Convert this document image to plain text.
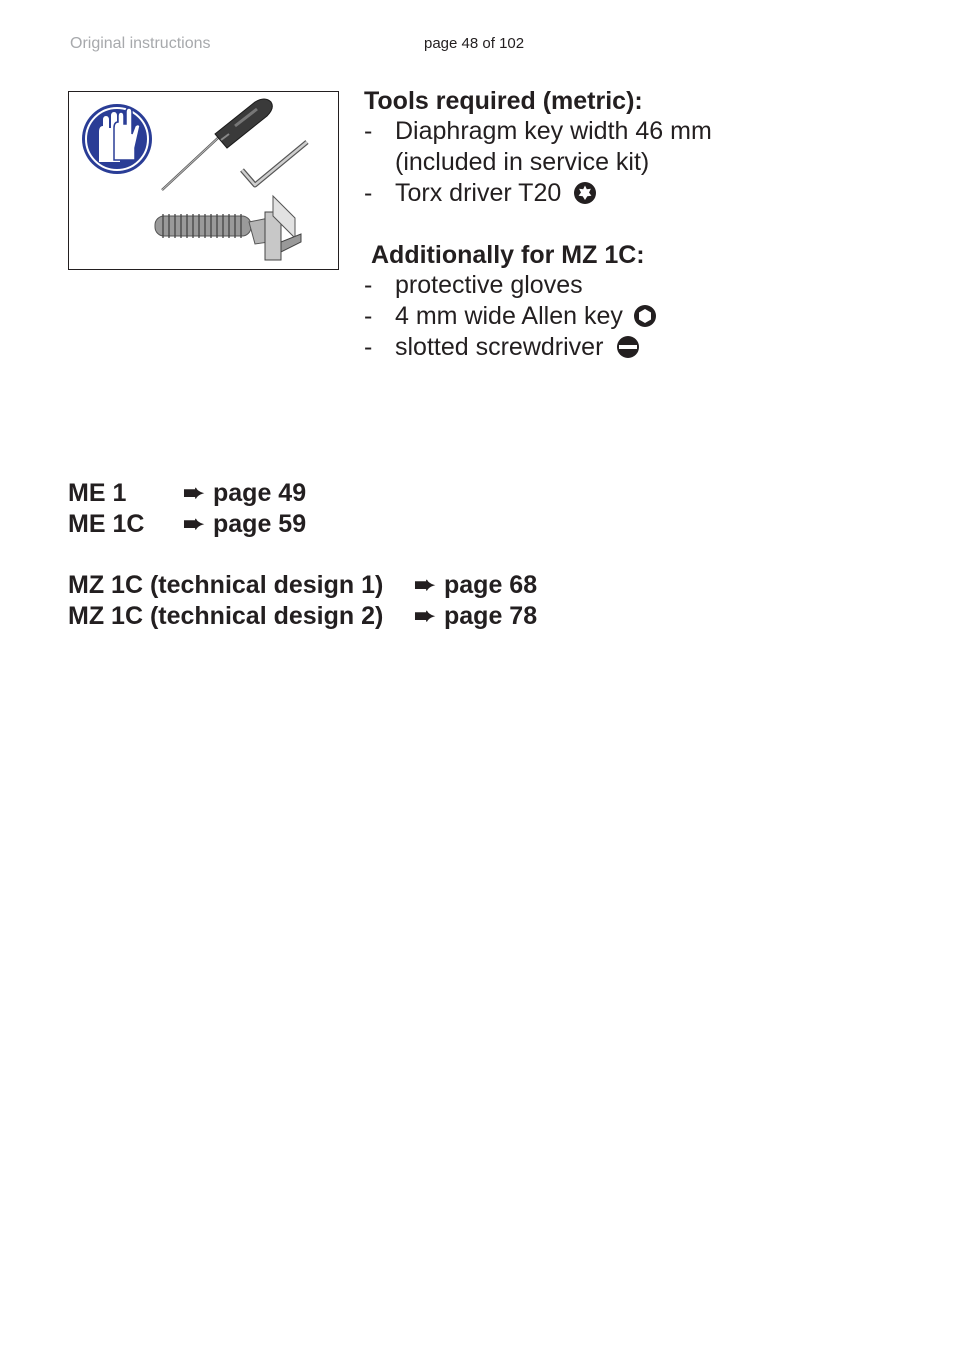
Original instructions	page 48 of 102
Tools required (metric):
- Diaphragm key width 46 mm
(included in service kit)
- Torx driver T20
Additionally for MZ 1C:
- protective gloves
- 4 mm wide Allen key
- slotted screwdriver
ME 1 ➨ page 49
ME 1C ➨ page 59
MZ 1C (technical design 1) ➨ page 68
MZ 1C (technical design 2) ➨ page 78
